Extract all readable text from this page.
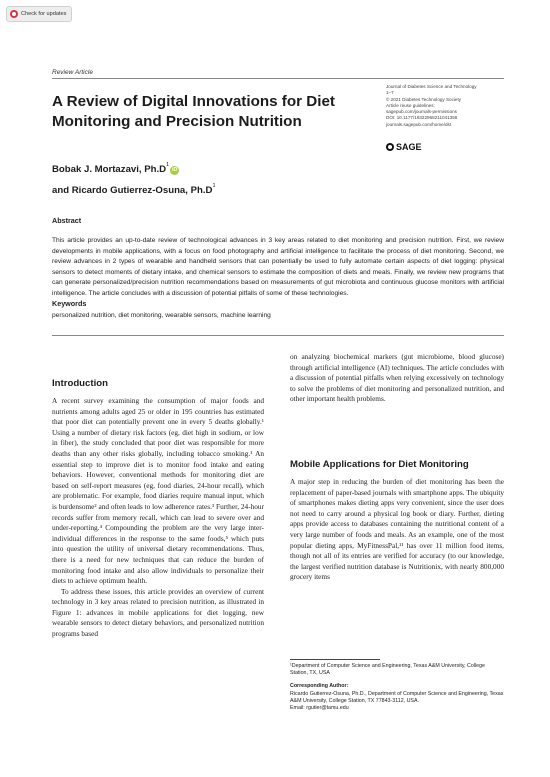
Check for updates
Review Article
A Review of Digital Innovations for Diet Monitoring and Precision Nutrition
Journal of Diabetes Science and Technology
1–7
© 2021 Diabetes Technology Society
Article reuse guidelines:
sagepub.com/journals-permissions
DOI: 10.1177/19322968211041356
journals.sagepub.com/home/dst
SAGE
Bobak J. Mortazavi, $Ph.D^1iD$
and Ricardo Gutierrez-Osuna, $Ph.D^1$
Abstract
This article provides an up-to-date review of technological advances in 3 key areas related to diet monitoring and precision nutrition. First, we review developments in mobile applications, with a focus on food photography and artificial intelligence to facilitate the process of diet monitoring. Second, we review advances in 2 types of wearable and handheld sensors that can potentially be used to fully automate certain aspects of diet logging: physical sensors to detect moments of dietary intake, and chemical sensors to estimate the composition of diets and meals. Finally, we review new programs that can generate personalized/precision nutrition recommendations based on measurements of gut microbiota and continuous glucose monitors with artificial intelligence. The article concludes with a discussion of potential pitfalls of some of these technologies.
Keywords
personalized nutrition, diet monitoring, wearable sensors, machine learning
Introduction

A recent survey examining the consumption of major foods and nutrients among adults aged 25 or older in 195 countries has estimated that poor diet can potentially prevent one in every 5 deaths globally.¹ Using a number of dietary risk factors (eg, diet high in sodium, or low in fiber), the study concluded that poor diet was responsible for more deaths than any other risks globally, including tobacco smoking.¹ An essential step to improve diet is to monitor food intake and eating behaviors. However, conventional methods for monitoring diet are based on self-report measures (eg, food diaries, 24-hour recall), which are problematic. For example, food diaries require manual input, which is burdensome² and often leads to low adherence rates.³ Further, 24-hour records suffer from memory recall, which can lead to severe over and under-reporting.⁴ Compounding the problem are the very large inter-individual differences in the response to the same foods,⁵ which puts into question the utility of universal dietary recommendations. Thus, there is a need for new techniques that can reduce the burden of monitoring food intake and also allow individuals to personalize their diets to achieve optimum health.

To address these issues, this article provides an overview of current technology in 3 key areas related to precision nutrition, as illustrated in Figure 1: advances in mobile applications for diet logging, new wearable sensors to detect dietary behaviors, and personalized nutrition programs based

on analyzing biochemical markers (gut microbiome, blood glucose) through artificial intelligence (AI) techniques. The article concludes with a discussion of potential pitfalls when relying excessively on technology to solve the problems of diet monitoring and personalized nutrition, and other important health problems.

Mobile Applications for Diet Monitoring

A major step in reducing the burden of diet monitoring has been the replacement of paper-based journals with smartphone apps. The ubiquity of smartphones makes dieting apps very convenient, since the user does not need to carry around a physical log book or diary. Further, dieting apps provide access to databases containing the nutritional content of a very large number of foods and meals. As an example, one of the most popular dieting apps, MyFitnessPal,¹¹ has over 11 million food items, though not all of its entries are verified for accuracy (to our knowledge, the largest verified nutrition database is Nutritionix, with nearly 800,000 grocery items

¹Department of Computer Science and Engineering, Texas A&M University, College Station, TX, USA
Corresponding Author:
Ricardo Gutierrez-Osuna, Ph.D., Department of Computer Science and Engineering, Texas A&M University, College Station, TX 77843-3112, USA.
Email: rgutier@tamu.edu
